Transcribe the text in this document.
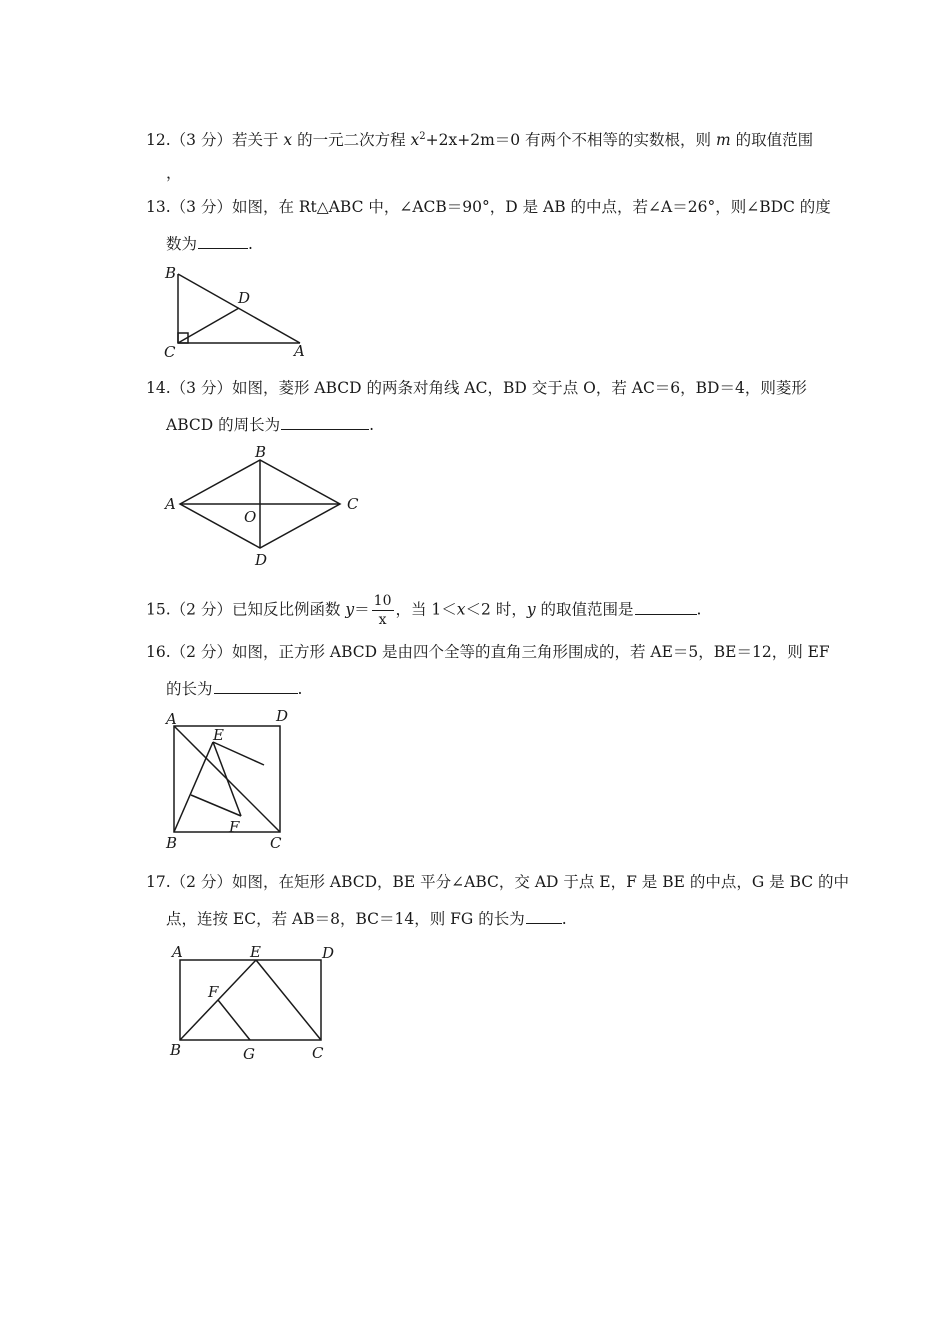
12.（3 分）若关于 x 的一元二次方程 $x^2+2x+2m=0$ 有两个不相等的实数根，则 m 的取值范围
，
13.（3 分）如图，在 Rt△ABC 中，∠ACB＝90°，D 是 AB 的中点，若∠A＝26°，则∠BDC 的度
数为	.
B
C	A
D
14.（3 分）如图，菱形 ABCD 的两条对角线 AC，BD 交于点 O，若 AC＝6，BD＝4，则菱形
ABCD 的周长为	.
A
B
C
D
O
15.（2 分）已知反比例函数 $y= \frac{10}{x}$ ，当 1＜x＜2 时，y 的取值范围是	.
16.（2 分）如图，正方形 ABCD 是由四个全等的直角三角形围成的，若 AE＝5，BE＝12，则 EF
的长为	.
A	D
B	C
E
F
17.（2 分）如图，在矩形 ABCD，BE 平分∠ABC，交 AD 于点 E，F 是 BE 的中点，G 是 BC 的中
点，连按 EC，若 AB＝8，BC＝14，则 FG 的长为 .
A	E	D
F
B	G	C
